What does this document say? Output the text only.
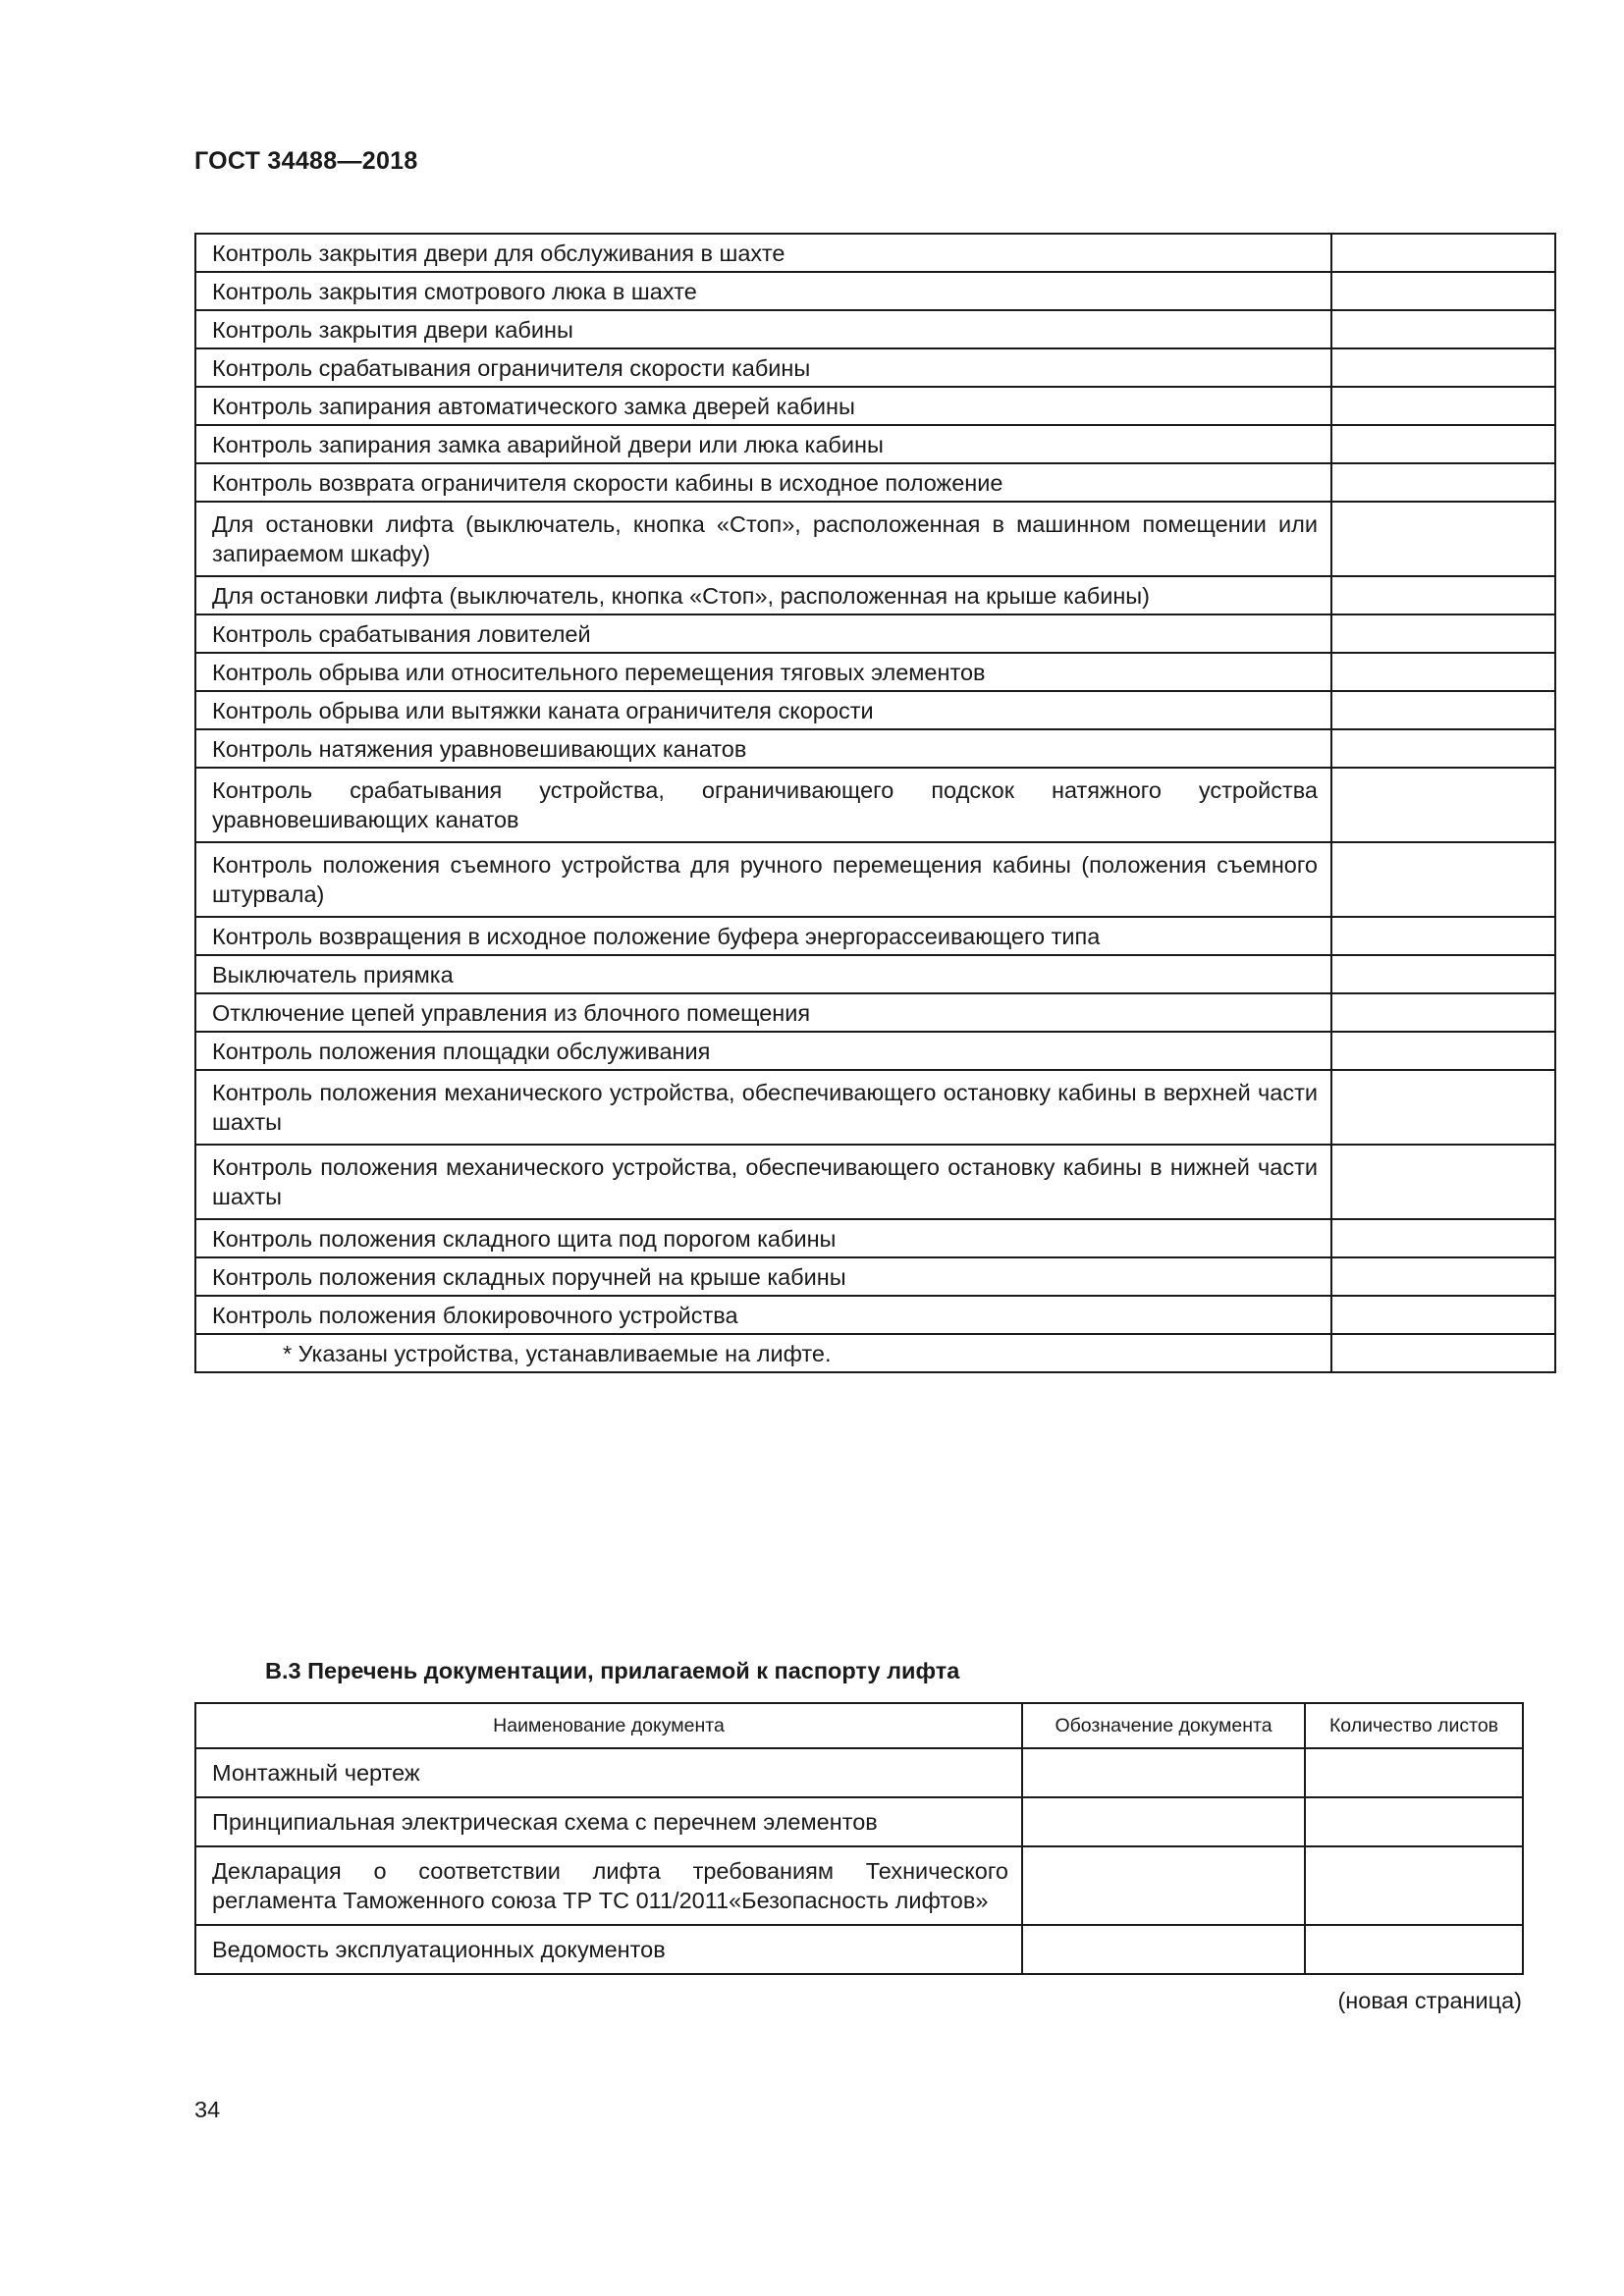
ГОСТ 34488—2018
Контроль закрытия двери для обслуживания в шахте	
Контроль закрытия смотрового люка в шахте	
Контроль закрытия двери кабины	
Контроль срабатывания ограничителя скорости кабины	
Контроль запирания автоматического замка дверей кабины	
Контроль запирания замка аварийной двери или люка кабины	
Контроль возврата ограничителя скорости кабины в исходное положение	
Для остановки лифта (выключатель, кнопка «Стоп», расположенная в машинном помещении или запираемом шкафу)	
Для остановки лифта (выключатель, кнопка «Стоп», расположенная на крыше кабины)	
Контроль срабатывания ловителей	
Контроль обрыва или относительного перемещения тяговых элементов	
Контроль обрыва или вытяжки каната ограничителя скорости	
Контроль натяжения уравновешивающих канатов	
Контроль срабатывания устройства, ограничивающего подскок натяжного устройства уравновешивающих канатов	
Контроль положения съемного устройства для ручного перемещения кабины (положения съемного штурвала)	
Контроль возвращения в исходное положение буфера энергорассеивающего типа	
Выключатель приямка	
Отключение цепей управления из блочного помещения	
Контроль положения площадки обслуживания	
Контроль положения механического устройства, обеспечивающего остановку кабины в верхней части шахты	
Контроль положения механического устройства, обеспечивающего остановку кабины в нижней части шахты	
Контроль положения складного щита под порогом кабины	
Контроль положения складных поручней на крыше кабины	
Контроль положения блокировочного устройства	
* Указаны устройства, устанавливаемые на лифте.	
В.3 Перечень документации, прилагаемой к паспорту лифта
Наименование документа	Обозначение документа	Количество листов
Монтажный чертеж		
Принципиальная электрическая схема с перечнем элементов		
Декларация о соответствии лифта требованиям Технического регламента Таможенного союза ТР ТС 011/2011«Безопасность лифтов»		
Ведомость эксплуатационных документов		
(новая страница)
34
